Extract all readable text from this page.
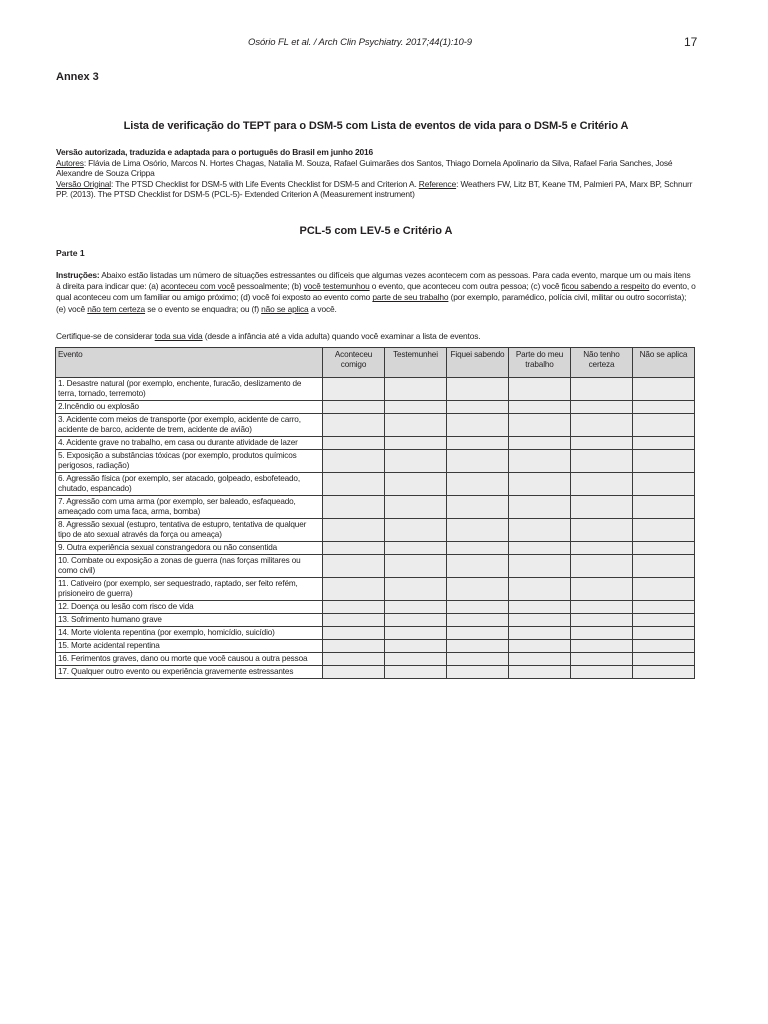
Osório FL et al. / Arch Clin Psychiatry. 2017;44(1):10-9	17
Annex 3
Lista de verificação do TEPT para o DSM-5 com Lista de eventos de vida para o DSM-5 e Critério A
Versão autorizada, traduzida e adaptada para o português do Brasil em junho 2016
Autores: Flávia de Lima Osório, Marcos N. Hortes Chagas, Natalia M. Souza, Rafael Guimarães dos Santos, Thiago Dornela Apolinario da Silva, Rafael Faria Sanches, José Alexandre de Souza Crippa
Versão Original: The PTSD Checklist for DSM-5 with Life Events Checklist for DSM-5 and Criterion A. Reference: Weathers FW, Litz BT, Keane TM, Palmieri PA, Marx BP, Schnurr PP. (2013). The PTSD Checklist for DSM-5 (PCL-5)- Extended Criterion A (Measurement instrument)
PCL-5 com LEV-5 e Critério A
Parte 1
Instruções: Abaixo estão listadas um número de situações estressantes ou difíceis que algumas vezes acontecem com as pessoas. Para cada evento, marque um ou mais itens à direita para indicar que: (a) aconteceu com você pessoalmente; (b) você testemunhou o evento, que aconteceu com outra pessoa; (c) você ficou sabendo a respeito do evento, o qual aconteceu com um familiar ou amigo próximo; (d) você foi exposto ao evento como parte de seu trabalho (por exemplo, paramédico, polícia civil, militar ou outro socorrista); (e) você não tem certeza se o evento se enquadra; ou (f) não se aplica a você.
Certifique-se de considerar toda sua vida (desde a infância até a vida adulta) quando você examinar a lista de eventos.
Evento	Aconteceu comigo	Testemunhei	Fiquei sabendo	Parte do meu trabalho	Não tenho certeza	Não se aplica
1. Desastre natural (por exemplo, enchente, furacão, deslizamento de terra, tornado, terremoto)						
2.Incêndio ou explosão						
3. Acidente com meios de transporte (por exemplo, acidente de carro, acidente de barco, acidente de trem, acidente de avião)						
4. Acidente grave no trabalho, em casa ou durante atividade de lazer						
5. Exposição a substâncias tóxicas (por exemplo, produtos químicos perigosos, radiação)						
6. Agressão física (por exemplo, ser atacado, golpeado, esbofeteado, chutado, espancado)						
7. Agressão com uma arma (por exemplo, ser baleado, esfaqueado, ameaçado com uma faca, arma, bomba)						
8. Agressão sexual (estupro, tentativa de estupro, tentativa de qualquer tipo de ato sexual através da força ou ameaça)						
9. Outra experiência sexual constrangedora ou não consentida						
10. Combate ou exposição a zonas de guerra (nas forças militares ou como civil)						
11. Cativeiro (por exemplo, ser sequestrado, raptado, ser feito refém, prisioneiro de guerra)						
12. Doença ou lesão com risco de vida						
13. Sofrimento humano grave						
14. Morte violenta repentina (por exemplo, homicídio, suicídio)						
15. Morte acidental repentina						
16. Ferimentos graves, dano ou morte que você causou a outra pessoa						
17. Qualquer outro evento ou experiência gravemente estressantes						
